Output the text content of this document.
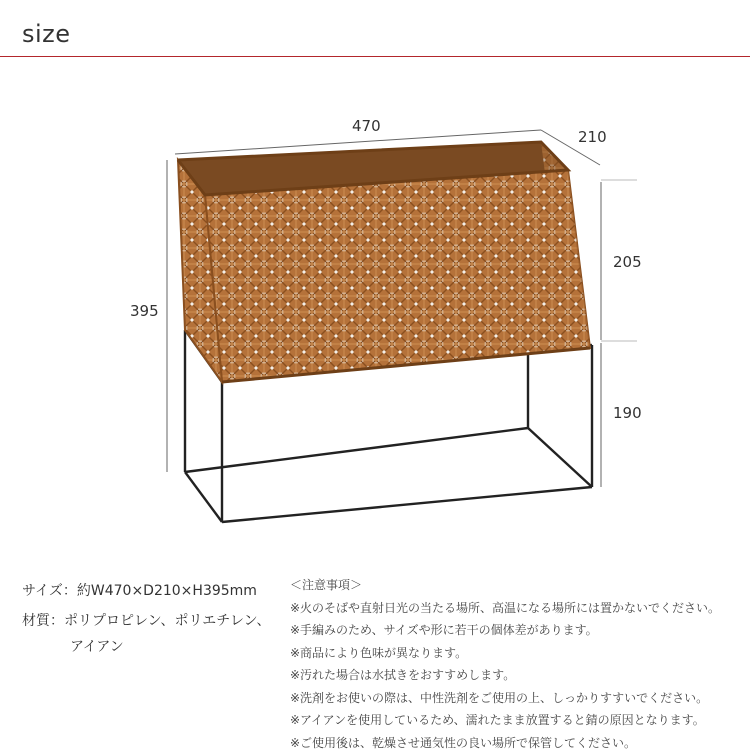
size
470
210
395
205
190
サイズ： 約W470×D210×H395mm
材質： ポリプロピレン、ポリエチレン、
アイアン
＜注意事項＞
※火のそばや直射日光の当たる場所、高温になる場所には置かないでください。
※手編みのため、サイズや形に若干の個体差があります。
※商品により色味が異なります。
※汚れた場合は水拭きをおすすめします。
※洗剤をお使いの際は、中性洗剤をご使用の上、しっかりすすいでください。
※アイアンを使用しているため、濡れたまま放置すると錆の原因となります。
※ご使用後は、乾燥させ通気性の良い場所で保管してください。
